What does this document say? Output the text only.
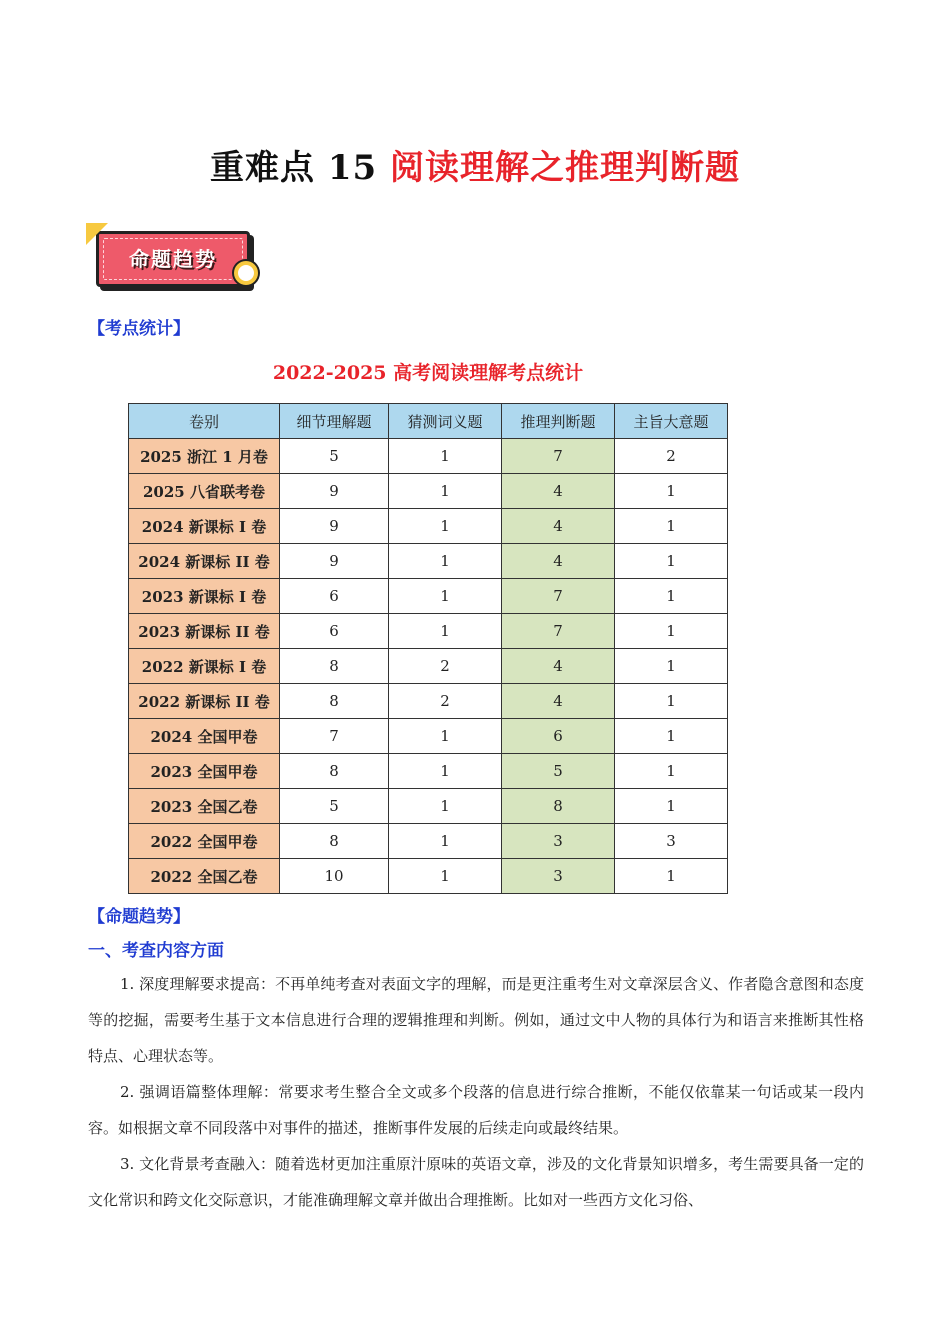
重难点 15 阅读理解之推理判断题
命题趋势
【考点统计】
2022-2025 高考阅读理解考点统计
卷别	细节理解题	猜测词义题	推理判断题	主旨大意题
2025 浙江 1 月卷	5	1	7	2
2025 八省联考卷	9	1	4	1
2024 新课标 I 卷	9	1	4	1
2024 新课标 II 卷	9	1	4	1
2023 新课标 I 卷	6	1	7	1
2023 新课标 II 卷	6	1	7	1
2022 新课标 I 卷	8	2	4	1
2022 新课标 II 卷	8	2	4	1
2024 全国甲卷	7	1	6	1
2023 全国甲卷	8	1	5	1
2023 全国乙卷	5	1	8	1
2022 全国甲卷	8	1	3	3
2022 全国乙卷	10	1	3	1
【命题趋势】
一、考查内容方面
1. 深度理解要求提高：不再单纯考查对表面文字的理解，而是更注重考生对文章深层含义、作者隐含意图和态度等的挖掘，需要考生基于文本信息进行合理的逻辑推理和判断。例如，通过文中人物的具体行为和语言来推断其性格特点、心理状态等。
2. 强调语篇整体理解：常要求考生整合全文或多个段落的信息进行综合推断，不能仅依靠某一句话或某一段内容。如根据文章不同段落中对事件的描述，推断事件发展的后续走向或最终结果。
3. 文化背景考查融入：随着选材更加注重原汁原味的英语文章，涉及的文化背景知识增多，考生需要具备一定的文化常识和跨文化交际意识，才能准确理解文章并做出合理推断。比如对一些西方文化习俗、
